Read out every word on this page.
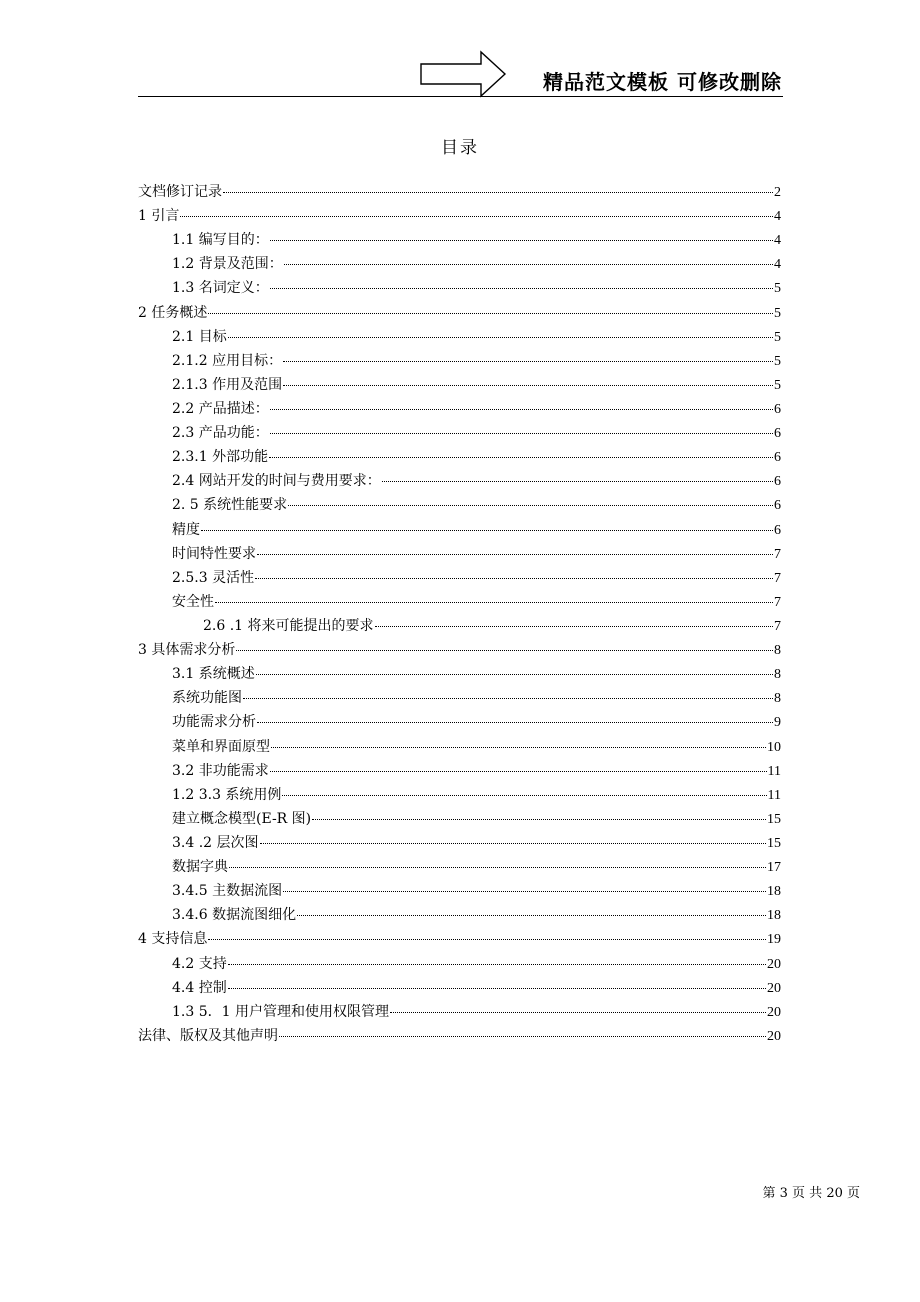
精品范文模板 可修改删除
目录
文档修订记录	2
1 引言	4
1.1 编写目的：	4
1.2 背景及范围：	4
1.3 名词定义：	5
2 任务概述	5
2.1 目标	5
2.1.2 应用目标：	5
2.1.3 作用及范围	5
2.2 产品描述：	6
2.3 产品功能：	6
2.3.1 外部功能	6
2.4 网站开发的时间与费用要求：	6
2. 5 系统性能要求	6
精度	6
时间特性要求	7
2.5.3 灵活性	7
安全性	7
2.6 .1 将来可能提出的要求	7
3 具体需求分析	8
3.1 系统概述	8
系统功能图	8
功能需求分析	9
菜单和界面原型	10
3.2 非功能需求	11
1.2 3.3 系统用例	11
建立概念模型(E-R 图)	15
3.4 .2 层次图	15
数据字典	17
3.4.5 主数据流图	18
3.4.6 数据流图细化	18
4 支持信息	19
4.2 支持	20
4.4 控制	20
1.3 5．1 用户管理和使用权限管理	20
法律、版权及其他声明	20
第 3 页 共 20 页
